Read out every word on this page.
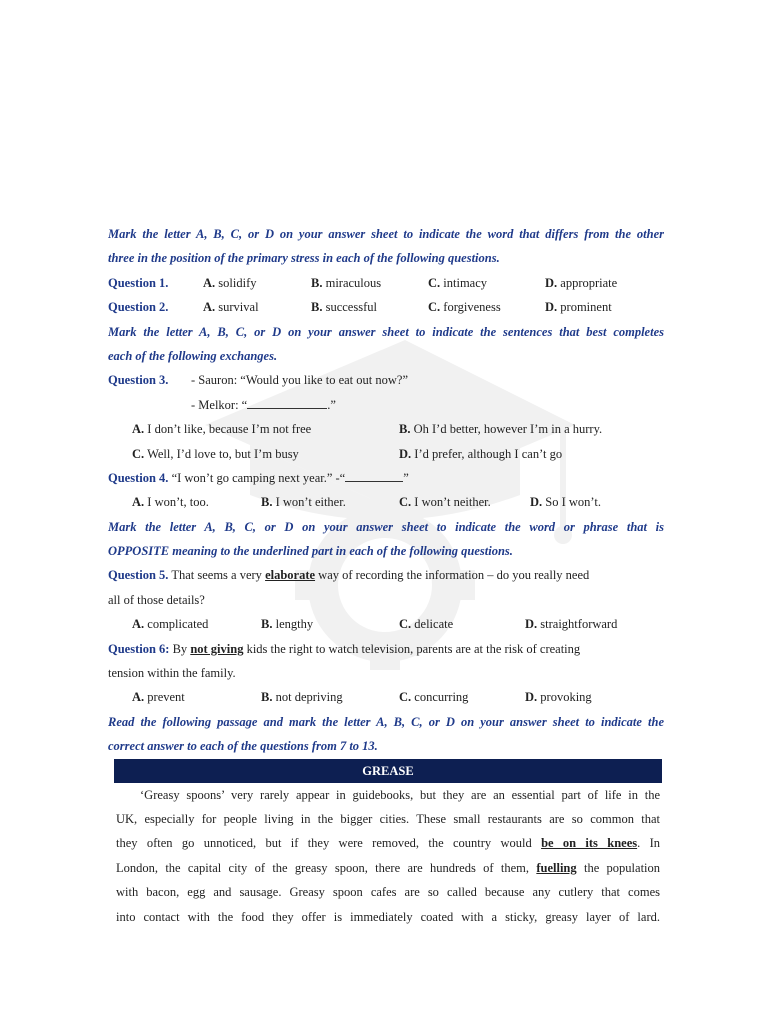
Mark the letter A, B, C, or D on your answer sheet to indicate the word that differs from the other
three in the position of the primary stress in each of the following questions.
Question 1.	A. solidify	B. miraculous	C. intimacy	D. appropriate
Question 2.	A. survival	B. successful	C. forgiveness	D. prominent
Mark the letter A, B, C, or D on your answer sheet to indicate the sentences that best completes
each of the following exchanges.
Question 3. - Sauron: “Would you like to eat out now?”
- Melkor: “	.”
A. I don’t like, because I’m not free	B. Oh I’d better, however I’m in a hurry.
C. Well, I’d love to, but I’m busy	D. I’d prefer, although I can’t go
Question 4. “I won’t go camping next year.” -“	”
A. I won’t, too.	B. I won’t either.	C. I won’t neither.	D. So I won’t.
Mark the letter A, B, C, or D on your answer sheet to indicate the word or phrase that is
OPPOSITE meaning to the underlined part in each of the following questions.
Question 5. That seems a very elaborate way of recording the information – do you really need
all of those details?
A. complicated	B. lengthy	C. delicate	D. straightforward
Question 6: By not giving kids the right to watch television, parents are at the risk of creating
tension within the family.
A. prevent	B. not depriving	C. concurring	D. provoking
Read the following passage and mark the letter A, B, C, or D on your answer sheet to indicate the
correct answer to each of the questions from 7 to 13.
GREASE
‘Greasy spoons’ very rarely appear in guidebooks, but they are an essential part of life in the
UK, especially for people living in the bigger cities. These small restaurants are so common that
they often go unnoticed, but if they were removed, the country would be on its knees. In
London, the capital city of the greasy spoon, there are hundreds of them, fuelling the population
with bacon, egg and sausage. Greasy spoon cafes are so called because any cutlery that comes
into contact with the food they offer is immediately coated with a sticky, greasy layer of lard.
